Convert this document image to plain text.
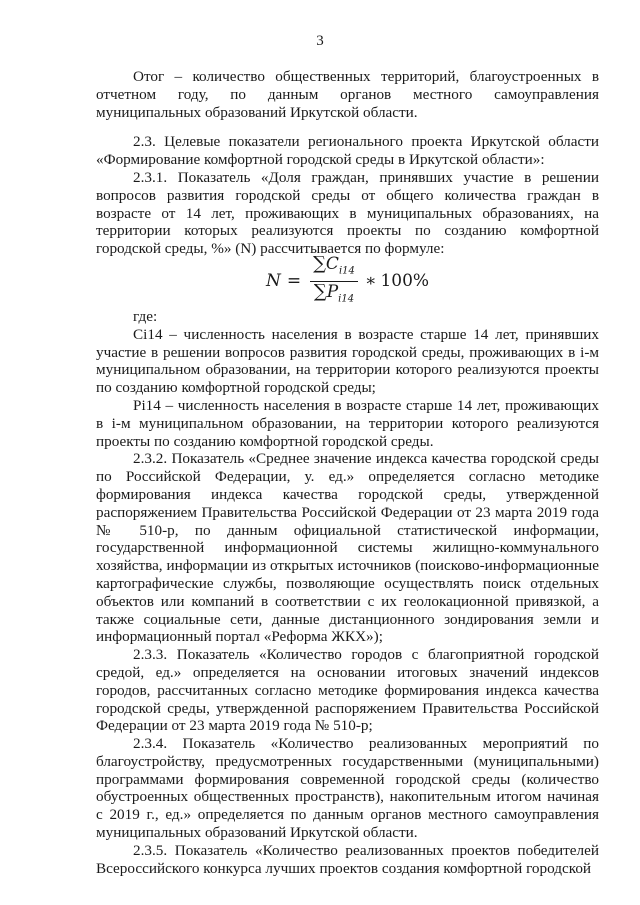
3

Отог – количество общественных территорий, благоустроенных в отчетном году, по данным органов местного самоуправления муниципальных образований Иркутской области.

2.3. Целевые показатели регионального проекта Иркутской области «Формирование комфортной городской среды в Иркутской области»:

2.3.1. Показатель «Доля граждан, принявших участие в решении вопросов развития городской среды от общего количества граждан в возрасте от 14 лет, проживающих в муниципальных образованиях, на территории которых реализуются проекты по созданию комфортной городской среды, %» (N) рассчитывается по формуле:

$N = \frac{\sum C_{i14}}{\sum P_{i14}}$ ∗ 100%

где:

Сi14 – численность населения в возрасте старше 14 лет, принявших участие в решении вопросов развития городской среды, проживающих в i-м муниципальном образовании, на территории которого реализуются проекты по созданию комфортной городской среды;

Рi14 – численность населения в возрасте старше 14 лет, проживающих в i-м муниципальном образовании, на территории которого реализуются проекты по созданию комфортной городской среды.

2.3.2. Показатель «Среднее значение индекса качества городской среды по Российской Федерации, у. ед.» определяется согласно методике формирования индекса качества городской среды, утвержденной распоряжением Правительства Российской Федерации от 23 марта 2019 года № 510-р, по данным официальной статистической информации, государственной информационной системы жилищно-коммунального хозяйства, информации из открытых источников (поисково-информационные картографические службы, позволяющие осуществлять поиск отдельных объектов или компаний в соответствии с их геолокационной привязкой, а также социальные сети, данные дистанционного зондирования земли и информационный портал «Реформа ЖКХ»);

2.3.3. Показатель «Количество городов с благоприятной городской средой, ед.» определяется на основании итоговых значений индексов городов, рассчитанных согласно методике формирования индекса качества городской среды, утвержденной распоряжением Правительства Российской Федерации от 23 марта 2019 года № 510-р;

2.3.4. Показатель «Количество реализованных мероприятий по благоустройству, предусмотренных государственными (муниципальными) программами формирования современной городской среды (количество обустроенных общественных пространств), накопительным итогом начиная с 2019 г., ед.» определяется по данным органов местного самоуправления муниципальных образований Иркутской области.

2.3.5. Показатель «Количество реализованных проектов победителей Всероссийского конкурса лучших проектов создания комфортной городской
